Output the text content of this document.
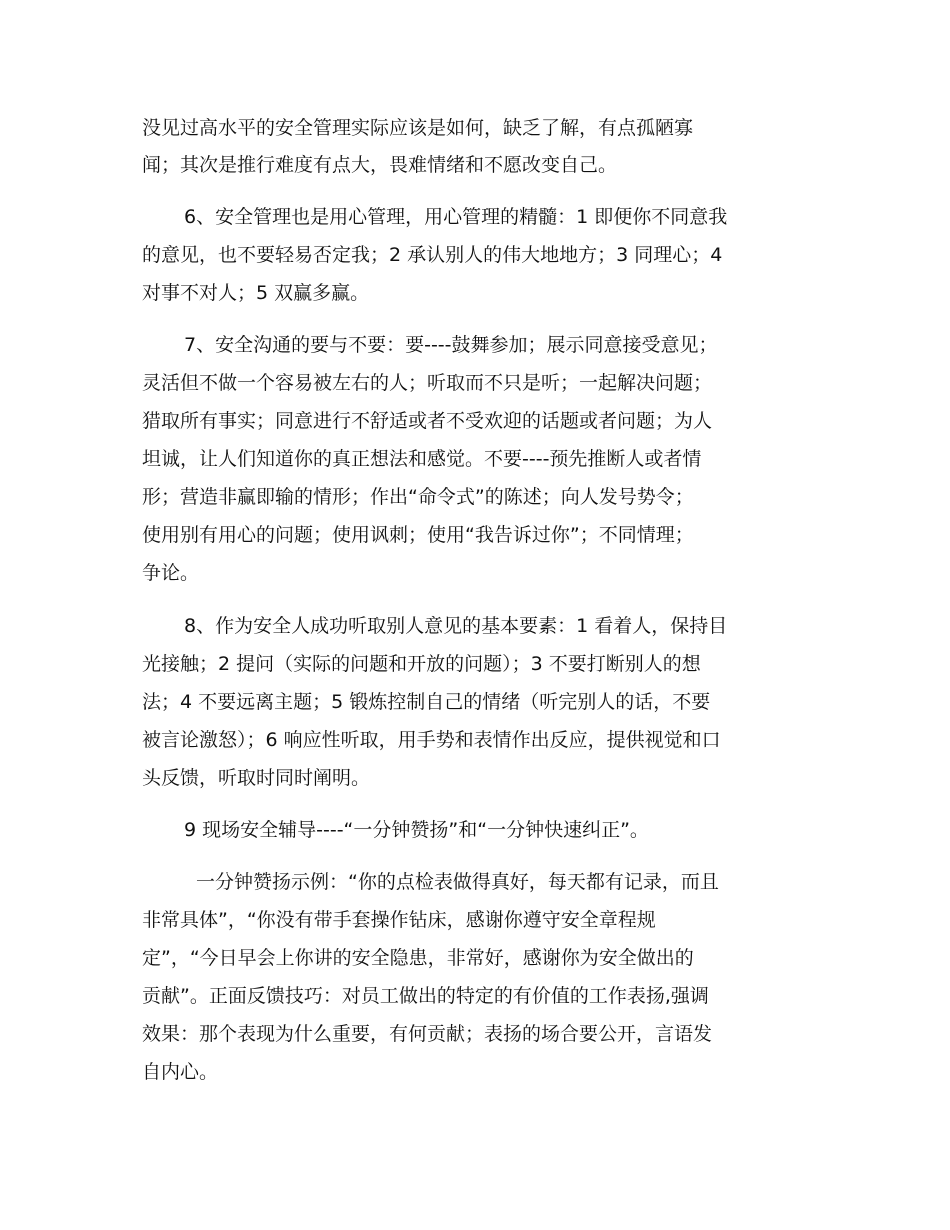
没见过高水平的安全管理实际应该是如何，缺乏了解，有点孤陋寡
闻；其次是推行难度有点大，畏难情绪和不愿改变自己。
6、安全管理也是用心管理，用心管理的精髓：1 即便你不同意我
的意见，也不要轻易否定我；2 承认别人的伟大地地方；3 同理心；4
对事不对人；5 双赢多赢。
7、安全沟通的要与不要：要----鼓舞参加；展示同意接受意见；
灵活但不做一个容易被左右的人；听取而不只是听；一起解决问题；
猎取所有事实；同意进行不舒适或者不受欢迎的话题或者问题；为人
坦诚，让人们知道你的真正想法和感觉。不要----预先推断人或者情
形；营造非赢即输的情形；作出“命令式”的陈述；向人发号势令；
使用别有用心的问题；使用讽刺；使用“我告诉过你”；不同情理；
争论。
8、作为安全人成功听取别人意见的基本要素：1 看着人，保持目
光接触；2 提问（实际的问题和开放的问题）；3 不要打断别人的想
法；4 不要远离主题；5 锻炼控制自己的情绪（听完别人的话，不要
被言论激怒）；6 响应性听取，用手势和表情作出反应，提供视觉和口
头反馈，听取时同时阐明。
9 现场安全辅导----“一分钟赞扬”和“一分钟快速纠正”。
一分钟赞扬示例：“你的点检表做得真好，每天都有记录，而且
非常具体”，“你没有带手套操作钻床，感谢你遵守安全章程规
定”，“今日早会上你讲的安全隐患，非常好，感谢你为安全做出的
贡献”。正面反馈技巧：对员工做出的特定的有价值的工作表扬,强调
效果：那个表现为什么重要，有何贡献；表扬的场合要公开，言语发
自内心。
